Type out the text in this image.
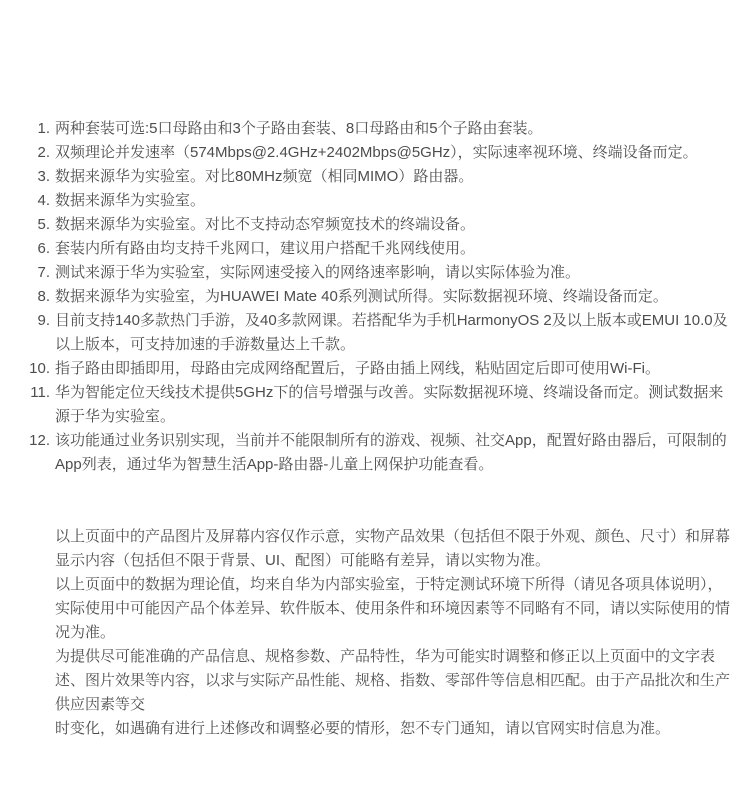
1. 两种套装可选:5口母路由和3个子路由套装、8口母路由和5个子路由套装。
2. 双频理论并发速率（574Mbps@2.4GHz+2402Mbps@5GHz），实际速率视环境、终端设备而定。
3. 数据来源华为实验室。对比80MHz频宽（相同MIMO）路由器。
4. 数据来源华为实验室。
5. 数据来源华为实验室。对比不支持动态窄频宽技术的终端设备。
6. 套装内所有路由均支持千兆网口，建议用户搭配千兆网线使用。
7. 测试来源于华为实验室，实际网速受接入的网络速率影响，请以实际体验为准。
8. 数据来源华为实验室，为HUAWEI Mate 40系列测试所得。实际数据视环境、终端设备而定。
9. 目前支持140多款热门手游，及40多款网课。若搭配华为手机HarmonyOS 2及以上版本或EMUI 10.0及以上版本，可支持加速的手游数量达上千款。
10. 指子路由即插即用，母路由完成网络配置后，子路由插上网线，粘贴固定后即可使用Wi-Fi。
11. 华为智能定位天线技术提供5GHz下的信号增强与改善。实际数据视环境、终端设备而定。测试数据来源于华为实验室。
12. 该功能通过业务识别实现，当前并不能限制所有的游戏、视频、社交App，配置好路由器后，可限制的App列表，通过华为智慧生活App-路由器-儿童上网保护功能查看。

以上页面中的产品图片及屏幕内容仅作示意，实物产品效果（包括但不限于外观、颜色、尺寸）和屏幕显示内容（包括但不限于背景、UI、配图）可能略有差异，请以实物为准。

以上页面中的数据为理论值，均来自华为内部实验室，于特定测试环境下所得（请见各项具体说明），实际使用中可能因产品个体差异、软件版本、使用条件和环境因素等不同略有不同，请以实际使用的情况为准。

为提供尽可能准确的产品信息、规格参数、产品特性，华为可能实时调整和修正以上页面中的文字表述、图片效果等内容，以求与实际产品性能、规格、指数、零部件等信息相匹配。由于产品批次和生产供应因素等交

时变化，如遇确有进行上述修改和调整必要的情形，恕不专门通知，请以官网实时信息为准。
